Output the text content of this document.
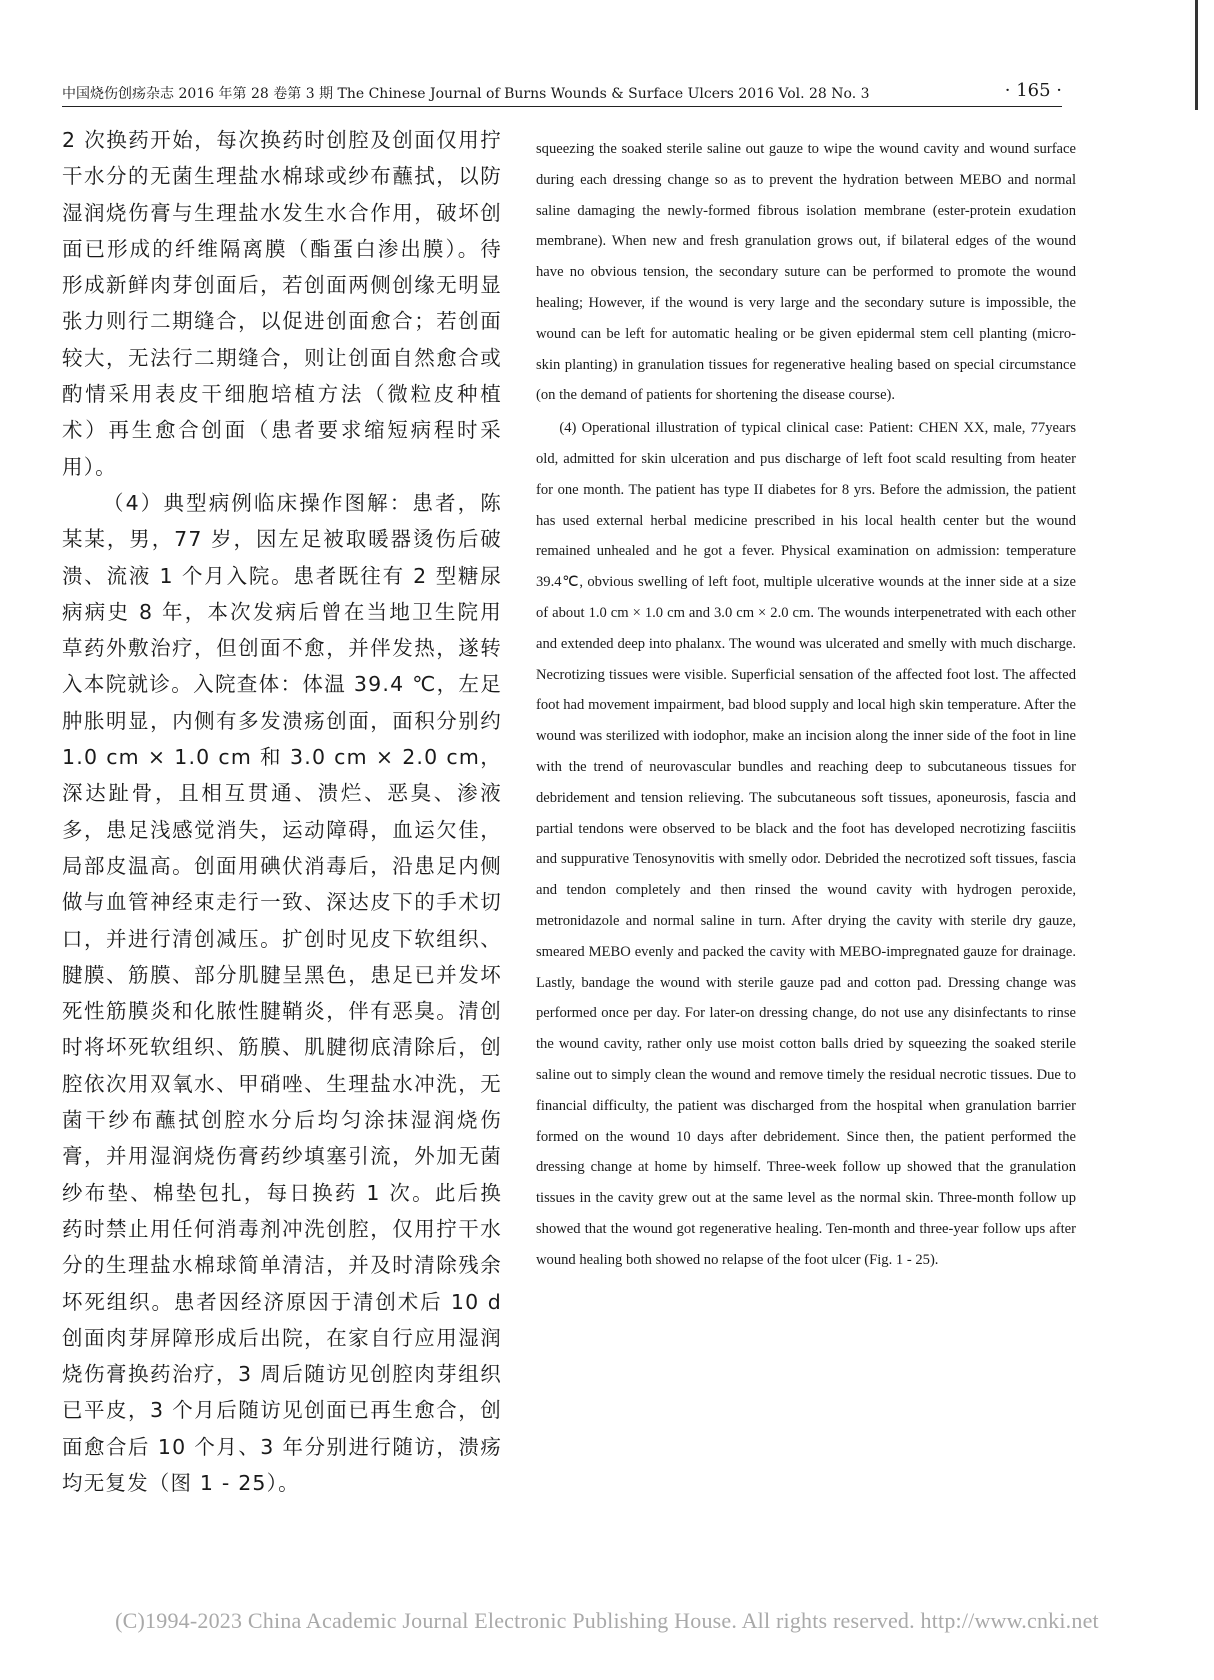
中国烧伤创疡杂志 2016 年第 28 卷第 3 期 The Chinese Journal of Burns Wounds & Surface Ulcers 2016 Vol. 28 No. 3	· 165 ·

2 次换药开始，每次换药时创腔及创面仅用拧干水分的无菌生理盐水棉球或纱布蘸拭，以防湿润烧伤膏与生理盐水发生水合作用，破坏创面已形成的纤维隔离膜（酯蛋白渗出膜）。待形成新鲜肉芽创面后，若创面两侧创缘无明显张力则行二期缝合，以促进创面愈合；若创面较大，无法行二期缝合，则让创面自然愈合或酌情采用表皮干细胞培植方法（微粒皮种植术）再生愈合创面（患者要求缩短病程时采用）。

（4）典型病例临床操作图解：患者，陈某某，男，77 岁，因左足被取暖器烫伤后破溃、流液 1 个月入院。患者既往有 2 型糖尿病病史 8 年，本次发病后曾在当地卫生院用草药外敷治疗，但创面不愈，并伴发热，遂转入本院就诊。入院查体：体温 39.4 ℃，左足肿胀明显，内侧有多发溃疡创面，面积分别约 1.0 cm × 1.0 cm 和 3.0 cm × 2.0 cm，深达趾骨，且相互贯通、溃烂、恶臭、渗液多，患足浅感觉消失，运动障碍，血运欠佳，局部皮温高。创面用碘伏消毒后，沿患足内侧做与血管神经束走行一致、深达皮下的手术切口，并进行清创减压。扩创时见皮下软组织、腱膜、筋膜、部分肌腱呈黑色，患足已并发坏死性筋膜炎和化脓性腱鞘炎，伴有恶臭。清创时将坏死软组织、筋膜、肌腱彻底清除后，创腔依次用双氧水、甲硝唑、生理盐水冲洗，无菌干纱布蘸拭创腔水分后均匀涂抹湿润烧伤膏，并用湿润烧伤膏药纱填塞引流，外加无菌纱布垫、棉垫包扎，每日换药 1 次。此后换药时禁止用任何消毒剂冲洗创腔，仅用拧干水分的生理盐水棉球简单清洁，并及时清除残余坏死组织。患者因经济原因于清创术后 10 d 创面肉芽屏障形成后出院，在家自行应用湿润烧伤膏换药治疗，3 周后随访见创腔肉芽组织已平皮，3 个月后随访见创面已再生愈合，创面愈合后 10 个月、3 年分别进行随访，溃疡均无复发（图 1 - 25）。

squeezing the soaked sterile saline out gauze to wipe the wound cavity and wound surface during each dressing change so as to prevent the hydration between MEBO and normal saline damaging the newly-formed fibrous isolation membrane (ester-protein exudation membrane). When new and fresh granulation grows out, if bilateral edges of the wound have no obvious tension, the secondary suture can be performed to promote the wound healing; However, if the wound is very large and the secondary suture is impossible, the wound can be left for automatic healing or be given epidermal stem cell planting (micro-skin planting) in granulation tissues for regenerative healing based on special circumstance (on the demand of patients for shortening the disease course).

(4) Operational illustration of typical clinical case: Patient: CHEN XX, male, 77years old, admitted for skin ulceration and pus discharge of left foot scald resulting from heater for one month. The patient has type II diabetes for 8 yrs. Before the admission, the patient has used external herbal medicine prescribed in his local health center but the wound remained unhealed and he got a fever. Physical examination on admission: temperature 39.4℃, obvious swelling of left foot, multiple ulcerative wounds at the inner side at a size of about 1.0 cm × 1.0 cm and 3.0 cm × 2.0 cm. The wounds interpenetrated with each other and extended deep into phalanx. The wound was ulcerated and smelly with much discharge. Necrotizing tissues were visible. Superficial sensation of the affected foot lost. The affected foot had movement impairment, bad blood supply and local high skin temperature. After the wound was sterilized with iodophor, make an incision along the inner side of the foot in line with the trend of neurovascular bundles and reaching deep to subcutaneous tissues for debridement and tension relieving. The subcutaneous soft tissues, aponeurosis, fascia and partial tendons were observed to be black and the foot has developed necrotizing fasciitis and suppurative Tenosynovitis with smelly odor. Debrided the necrotized soft tissues, fascia and tendon completely and then rinsed the wound cavity with hydrogen peroxide, metronidazole and normal saline in turn. After drying the cavity with sterile dry gauze, smeared MEBO evenly and packed the cavity with MEBO-impregnated gauze for drainage. Lastly, bandage the wound with sterile gauze pad and cotton pad. Dressing change was performed once per day. For later-on dressing change, do not use any disinfectants to rinse the wound cavity, rather only use moist cotton balls dried by squeezing the soaked sterile saline out to simply clean the wound and remove timely the residual necrotic tissues. Due to financial difficulty, the patient was discharged from the hospital when granulation barrier formed on the wound 10 days after debridement. Since then, the patient performed the dressing change at home by himself. Three-week follow up showed that the granulation tissues in the cavity grew out at the same level as the normal skin. Three-month follow up showed that the wound got regenerative healing. Ten-month and three-year follow ups after wound healing both showed no relapse of the foot ulcer (Fig. 1 - 25).

(C)1994-2023 China Academic Journal Electronic Publishing House. All rights reserved. http://www.cnki.net
